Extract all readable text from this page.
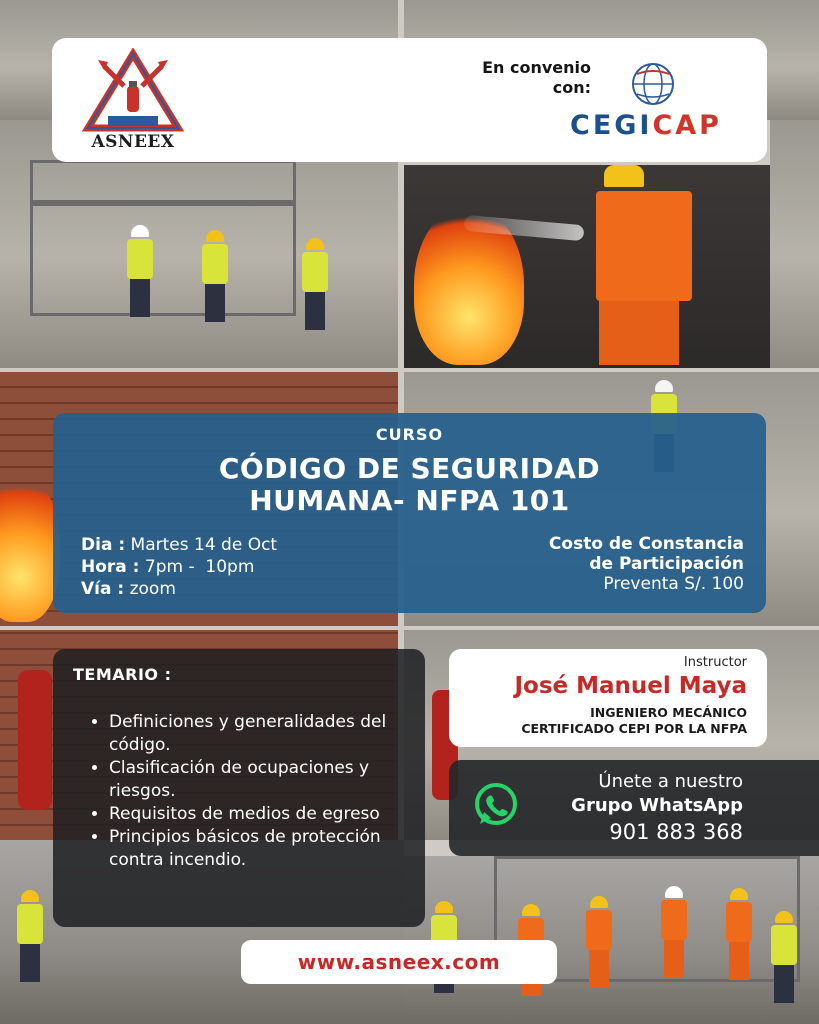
ASNEEX
En convenio
con:
CEGICAP
CURSO
CÓDIGO DE SEGURIDAD
HUMANA- NFPA 101
Dia : Martes 14 de Oct
Hora : 7pm -  10pm
Vía : zoom
Costo de Constancia
de Participación
Preventa S/. 100
TEMARIO :
• Definiciones y generalidades del código.
• Clasificación de ocupaciones y riesgos.
• Requisitos de medios de egreso
• Principios básicos de protección contra incendio.
Instructor
José Manuel Maya
INGENIERO MECÁNICO
CERTIFICADO CEPI POR LA NFPA
Únete a nuestro
Grupo WhatsApp
901 883 368
www.asneex.com
